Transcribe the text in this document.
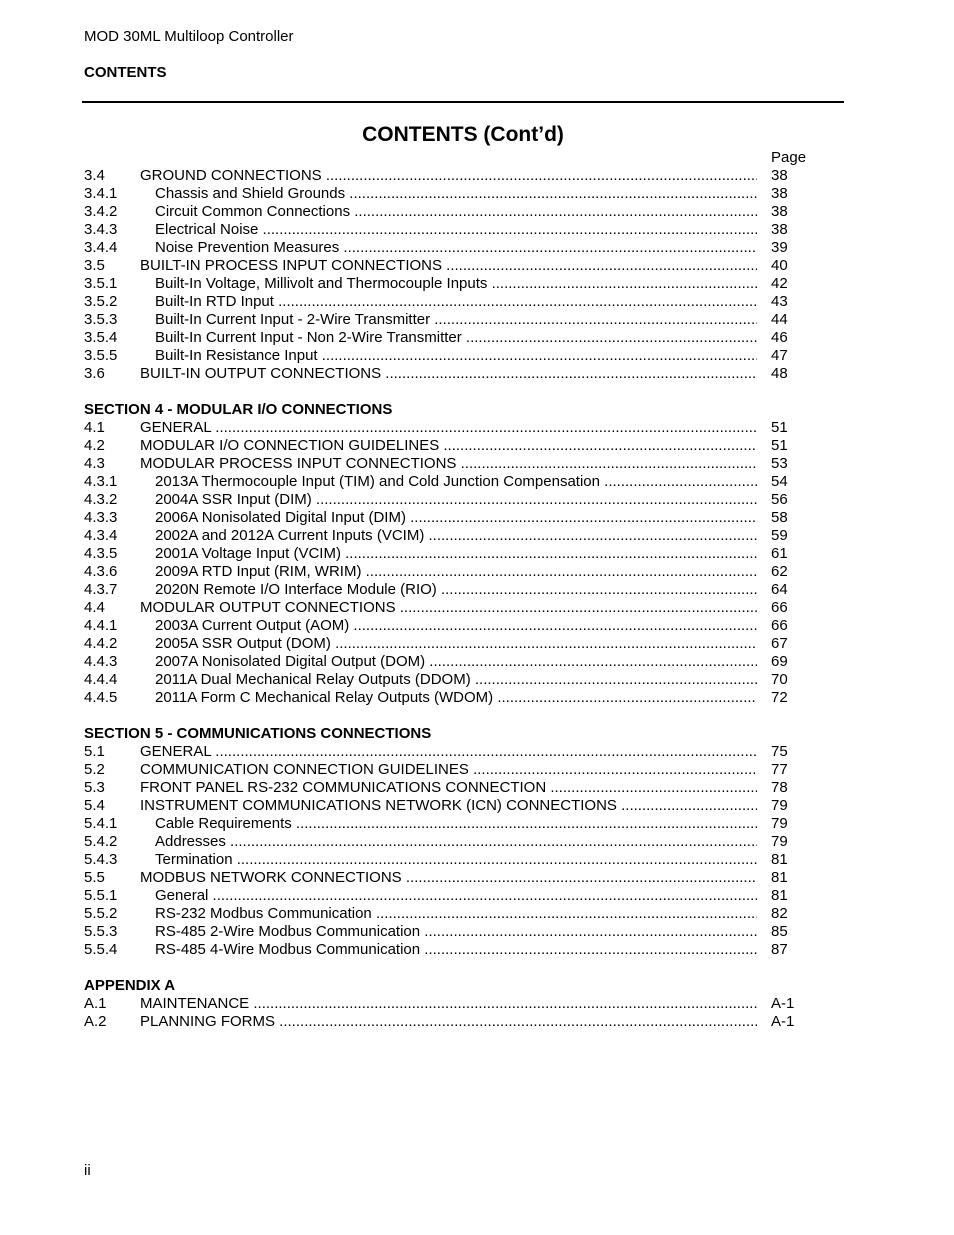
MOD 30ML Multiloop Controller
CONTENTS
CONTENTS (Cont’d)
Page
3.4 GROUND CONNECTIONS .....	38
3.4.1	Chassis and Shield Grounds .....	38
3.4.2	Circuit Common Connections .....	38
3.4.3	Electrical Noise .....	38
3.4.4	Noise Prevention Measures .....	39
3.5 BUILT-IN PROCESS INPUT CONNECTIONS .....	40
3.5.1	Built-In Voltage, Millivolt and Thermocouple Inputs .....	42
3.5.2	Built-In RTD Input .....	43
3.5.3	Built-In Current Input - 2-Wire Transmitter .....	44
3.5.4	Built-In Current Input - Non 2-Wire Transmitter .....	46
3.5.5	Built-In Resistance Input .....	47
3.6 BUILT-IN OUTPUT CONNECTIONS .....	48
SECTION 4 - MODULAR I/O CONNECTIONS
4.1 GENERAL .....	51
4.2 MODULAR I/O CONNECTION GUIDELINES .....	51
4.3 MODULAR PROCESS INPUT CONNECTIONS .....	53
4.3.1	2013A Thermocouple Input (TIM) and Cold Junction Compensation .....	54
4.3.2	2004A SSR Input (DIM) .....	56
4.3.3	2006A Nonisolated Digital Input (DIM) .....	58
4.3.4	2002A and 2012A Current Inputs (VCIM) .....	59
4.3.5	2001A Voltage Input (VCIM) .....	61
4.3.6	2009A RTD Input (RIM, WRIM) .....	62
4.3.7	2020N Remote I/O Interface Module (RIO) .....	64
4.4 MODULAR OUTPUT CONNECTIONS .....	66
4.4.1	2003A Current Output (AOM) .....	66
4.4.2	2005A SSR Output (DOM) .....	67
4.4.3	2007A Nonisolated Digital Output (DOM) .....	69
4.4.4	2011A Dual Mechanical Relay Outputs (DDOM) .....	70
4.4.5	2011A Form C Mechanical Relay Outputs (WDOM) .....	72
SECTION 5 - COMMUNICATIONS CONNECTIONS
5.1 GENERAL .....	75
5.2 COMMUNICATION CONNECTION GUIDELINES .....	77
5.3 FRONT PANEL RS-232 COMMUNICATIONS CONNECTION .....	78
5.4 INSTRUMENT COMMUNICATIONS NETWORK (ICN) CONNECTIONS .....	79
5.4.1	Cable Requirements .....	79
5.4.2	Addresses .....	79
5.4.3	Termination .....	81
5.5 MODBUS NETWORK CONNECTIONS .....	81
5.5.1	General .....	81
5.5.2	RS-232 Modbus Communication .....	82
5.5.3	RS-485 2-Wire Modbus Communication .....	85
5.5.4	RS-485 4-Wire Modbus Communication .....	87
APPENDIX A
A.1 MAINTENANCE .....	A-1
A.2 PLANNING FORMS .....	A-1
ii
